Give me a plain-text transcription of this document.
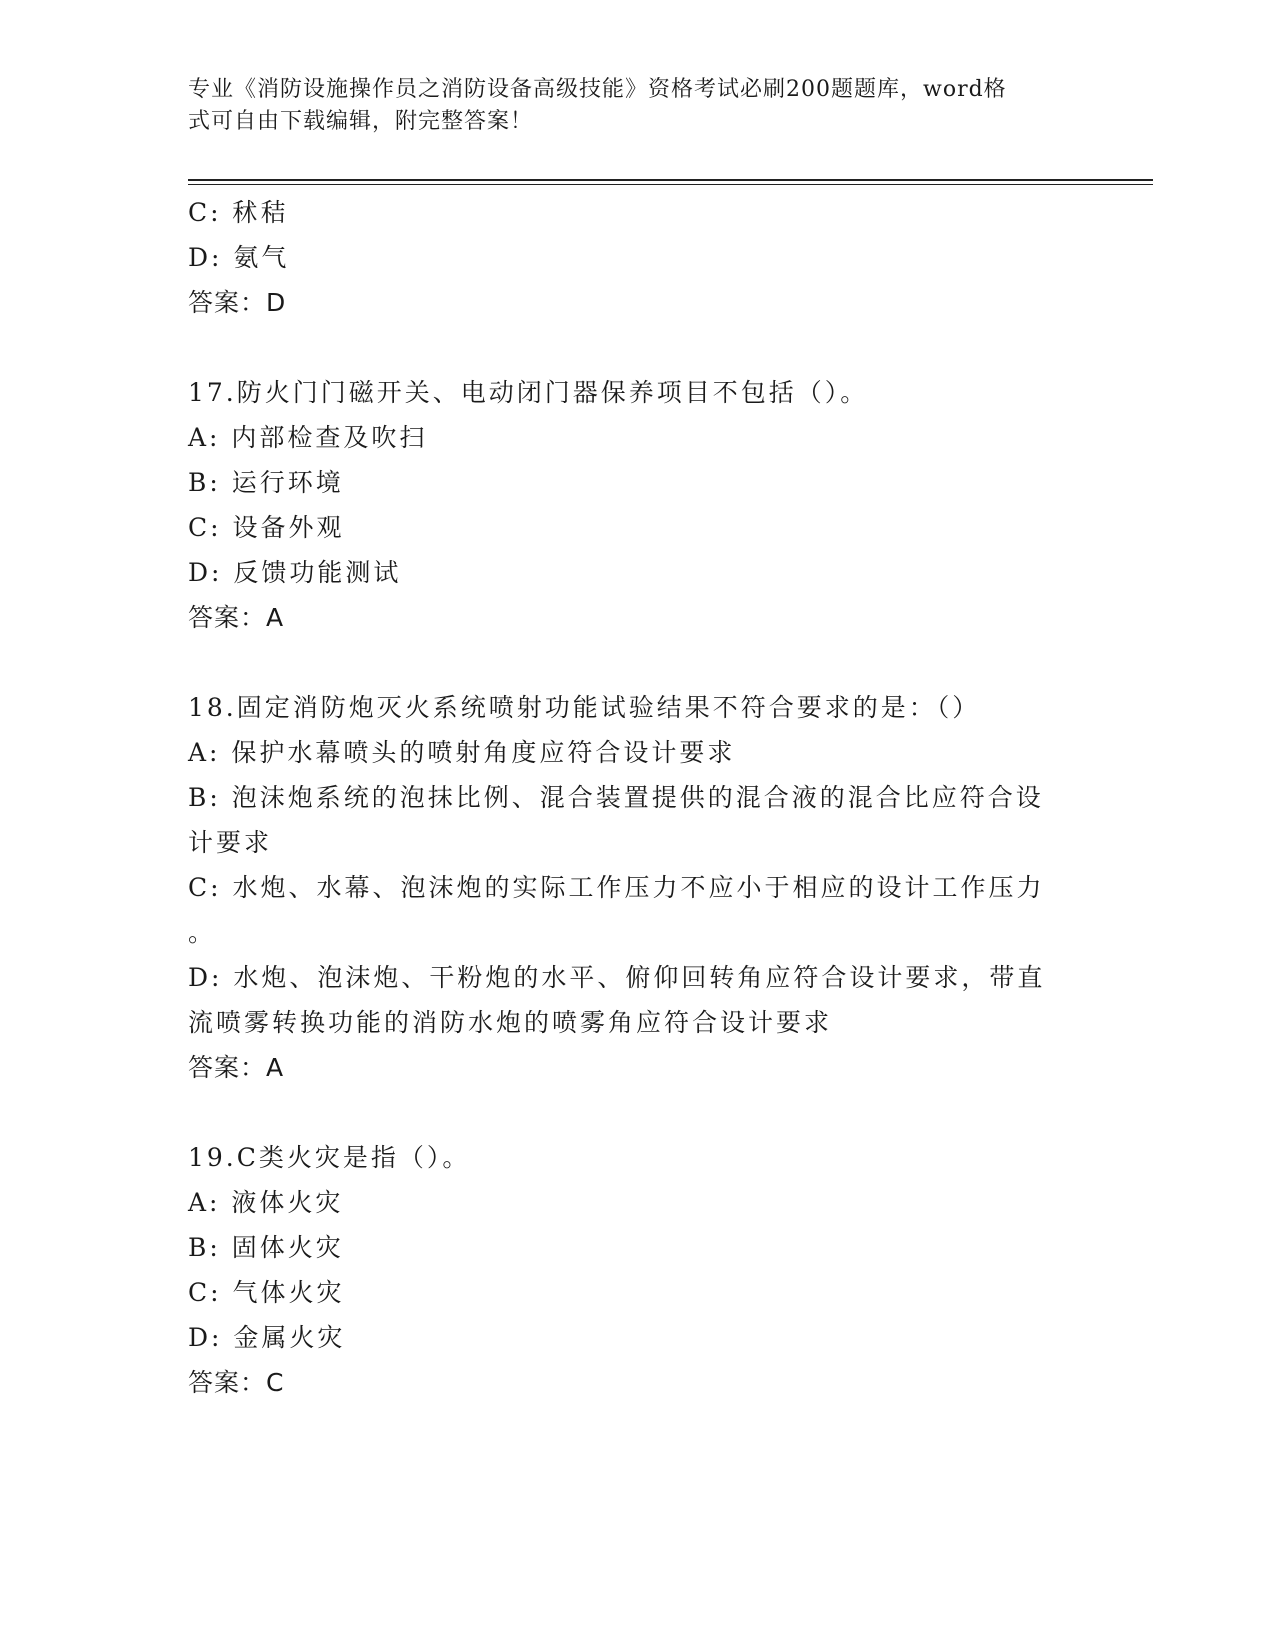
专业《消防设施操作员之消防设备高级技能》资格考试必刷200题题库，word格
式可自由下载编辑，附完整答案！
C: 秫秸
D: 氨气
答案：D
17.防火门门磁开关、电动闭门器保养项目不包括（）。
A: 内部检查及吹扫
B: 运行环境
C: 设备外观
D: 反馈功能测试
答案：A
18.固定消防炮灭火系统喷射功能试验结果不符合要求的是：（）
A: 保护水幕喷头的喷射角度应符合设计要求
B: 泡沫炮系统的泡抹比例、混合装置提供的混合液的混合比应符合设
计要求
C: 水炮、水幕、泡沫炮的实际工作压力不应小于相应的设计工作压力
。
D: 水炮、泡沫炮、干粉炮的水平、俯仰回转角应符合设计要求，带直
流喷雾转换功能的消防水炮的喷雾角应符合设计要求
答案：A
19.C类火灾是指（）。
A: 液体火灾
B: 固体火灾
C: 气体火灾
D: 金属火灾
答案：C
